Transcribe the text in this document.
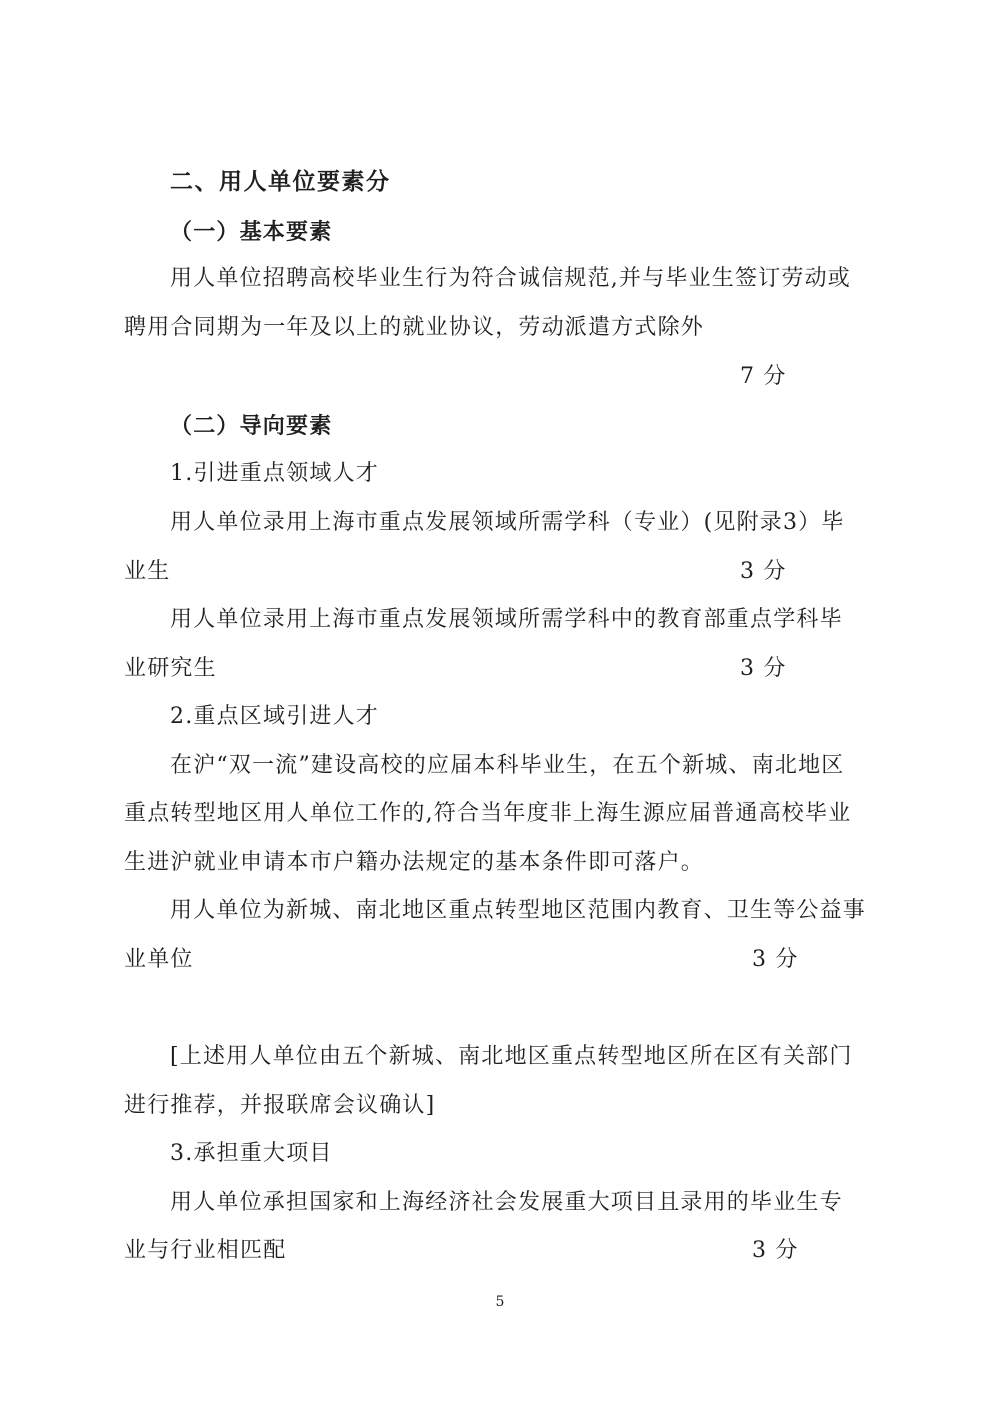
二、用人单位要素分
（一）基本要素
用人单位招聘高校毕业生行为符合诚信规范,并与毕业生签订劳动或
聘用合同期为一年及以上的就业协议，劳动派遣方式除外
7 分
（二）导向要素
1.引进重点领域人才
用人单位录用上海市重点发展领域所需学科（专业）(见附录3）毕
业生	3 分
用人单位录用上海市重点发展领域所需学科中的教育部重点学科毕
业研究生	3 分
2.重点区域引进人才
在沪“双一流”建设高校的应届本科毕业生，在五个新城、南北地区
重点转型地区用人单位工作的,符合当年度非上海生源应届普通高校毕业
生进沪就业申请本市户籍办法规定的基本条件即可落户。
用人单位为新城、南北地区重点转型地区范围内教育、卫生等公益事
业单位	3 分
[上述用人单位由五个新城、南北地区重点转型地区所在区有关部门
进行推荐，并报联席会议确认]
3.承担重大项目
用人单位承担国家和上海经济社会发展重大项目且录用的毕业生专
业与行业相匹配	3 分
5
